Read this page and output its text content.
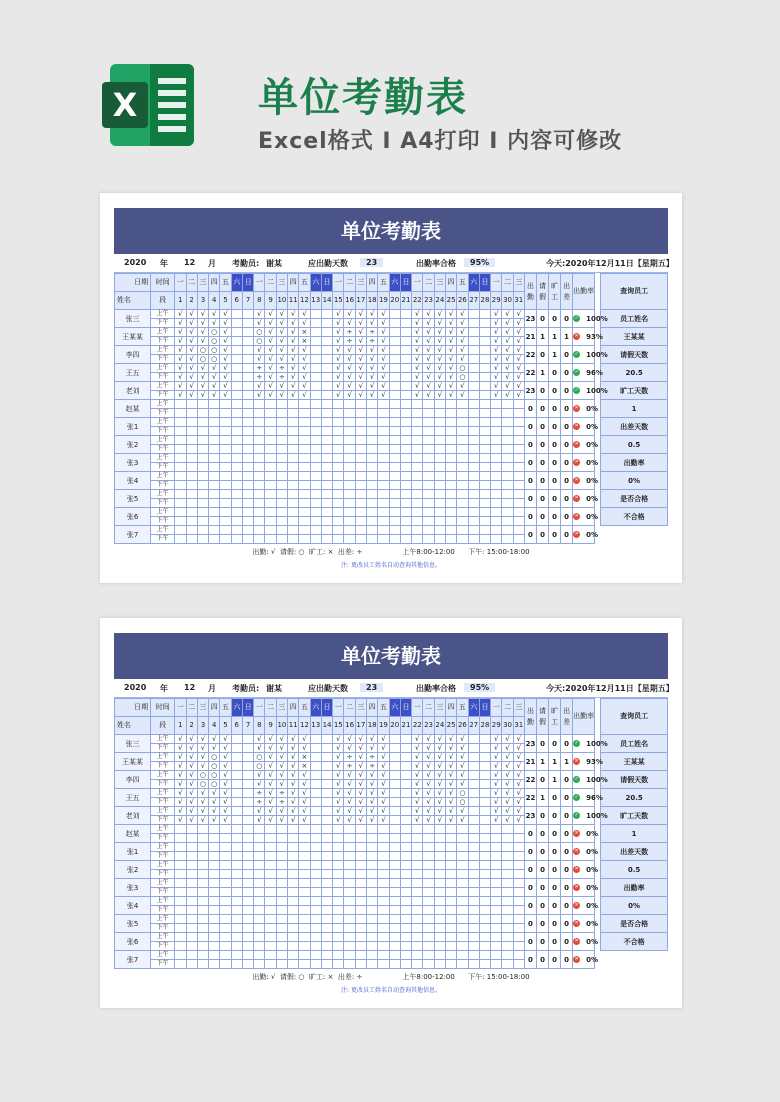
X	单位考勤表
Excel格式 I A4打印 I 内容可修改
单位考勤表
2020 年 12 月 考勤员: 谢某	应出勤天数	23	出勤率合格	95%	今天:2020年12月11日【星期五】
日期	时间	一	二	三	四	五	六	日	一	二	三	四	五	六	日	一	二	三	四	五	六	日	一	二	三	四	五	六	日	一	二	三	出勤	请假	旷工	出差	出勤率		查询员工
姓名	段	1	2	3	4	5	6	7	8	9	10	11	12	13	14	15	16	17	18	19	20	21	22	23	24	25	26	27	28	29	30	31							
张三	上午	√	√	√	√	√			√	√	√	√	√			√	√	√	√	√			√	√	√	√	√			√	√	√	23	0	0	0	✓ 100%		员工姓名
	下午	√	√	√	√	√			√	√	√	√	√			√	√	√	√	√			√	√	√	√	√			√	√	√							
王某某	上午	√	√	√	○	√			○	√	√	√	×			√	÷	√	÷	√			√	√	√	√	√			√	√	√	21	1	1	1	✕ 93%		王某某
	下午	√	√	√	○	√			○	√	√	√	×			√	÷	√	÷	√			√	√	√	√	√			√	√	√							
李四	上午	√	√	○	○	√			√	√	√	√	√			√	√	√	√	√			√	√	√	√	√			√	√	√	22	0	1	0	✓ 100%		请假天数
	下午	√	√	○	○	√			√	√	√	√	√			√	√	√	√	√			√	√	√	√	√			√	√	√							
王五	上午	√	√	√	√	√			÷	√	÷	√	√			√	√	√	√	√			√	√	√	√	○			√	√	√	22	1	0	0	✓ 96%		20.5
	下午	√	√	√	√	√			÷	√	÷	√	√			√	√	√	√	√			√	√	√	√	○			√	√	√							
老刘	上午	√	√	√	√	√			√	√	√	√	√			√	√	√	√	√			√	√	√	√	√			√	√	√	23	0	0	0	✓ 100%		旷工天数
	下午	√	√	√	√	√			√	√	√	√	√			√	√	√	√	√			√	√	√	√	√			√	√	√							
赵某	上午																																0	0	0	0	✕ 0%		1
	下午																																						
张1	上午																																0	0	0	0	✕ 0%		出差天数
	下午																																						
张2	上午																																0	0	0	0	✕ 0%		0.5
	下午																																						
张3	上午																																0	0	0	0	✕ 0%		出勤率
	下午																																						
张4	上午																																0	0	0	0	✕ 0%		0%
	下午																																						
张5	上午																																0	0	0	0	✕ 0%		是否合格
	下午																																						
张6	上午																																0	0	0	0	✕ 0%		不合格
	下午																																						
张7	上午																																0	0	0	0	✕ 0%		
	下午																																						
出勤: √  请假: ○  旷工: ×  出差: ÷                  上午8:00-12:00      下午: 15:00-18:00
注: 更改员工姓名自动查询其他信息。
单位考勤表
2020 年 12 月 考勤员: 谢某	应出勤天数	23	出勤率合格	95%	今天:2020年12月11日【星期五】
日期	时间	一	二	三	四	五	六	日	一	二	三	四	五	六	日	一	二	三	四	五	六	日	一	二	三	四	五	六	日	一	二	三	出勤	请假	旷工	出差	出勤率		查询员工
姓名	段	1	2	3	4	5	6	7	8	9	10	11	12	13	14	15	16	17	18	19	20	21	22	23	24	25	26	27	28	29	30	31							
张三	上午	√	√	√	√	√			√	√	√	√	√			√	√	√	√	√			√	√	√	√	√			√	√	√	23	0	0	0	✓ 100%		员工姓名
	下午	√	√	√	√	√			√	√	√	√	√			√	√	√	√	√			√	√	√	√	√			√	√	√							
王某某	上午	√	√	√	○	√			○	√	√	√	×			√	÷	√	÷	√			√	√	√	√	√			√	√	√	21	1	1	1	✕ 93%		王某某
	下午	√	√	√	○	√			○	√	√	√	×			√	÷	√	÷	√			√	√	√	√	√			√	√	√							
李四	上午	√	√	○	○	√			√	√	√	√	√			√	√	√	√	√			√	√	√	√	√			√	√	√	22	0	1	0	✓ 100%		请假天数
	下午	√	√	○	○	√			√	√	√	√	√			√	√	√	√	√			√	√	√	√	√			√	√	√							
王五	上午	√	√	√	√	√			÷	√	÷	√	√			√	√	√	√	√			√	√	√	√	○			√	√	√	22	1	0	0	✓ 96%		20.5
	下午	√	√	√	√	√			÷	√	÷	√	√			√	√	√	√	√			√	√	√	√	○			√	√	√							
老刘	上午	√	√	√	√	√			√	√	√	√	√			√	√	√	√	√			√	√	√	√	√			√	√	√	23	0	0	0	✓ 100%		旷工天数
	下午	√	√	√	√	√			√	√	√	√	√			√	√	√	√	√			√	√	√	√	√			√	√	√							
赵某	上午																																0	0	0	0	✕ 0%		1
	下午																																						
张1	上午																																0	0	0	0	✕ 0%		出差天数
	下午																																						
张2	上午																																0	0	0	0	✕ 0%		0.5
	下午																																						
张3	上午																																0	0	0	0	✕ 0%		出勤率
	下午																																						
张4	上午																																0	0	0	0	✕ 0%		0%
	下午																																						
张5	上午																																0	0	0	0	✕ 0%		是否合格
	下午																																						
张6	上午																																0	0	0	0	✕ 0%		不合格
	下午																																						
张7	上午																																0	0	0	0	✕ 0%		
	下午																																						
出勤: √  请假: ○  旷工: ×  出差: ÷                  上午8:00-12:00      下午: 15:00-18:00
注: 更改员工姓名自动查询其他信息。
